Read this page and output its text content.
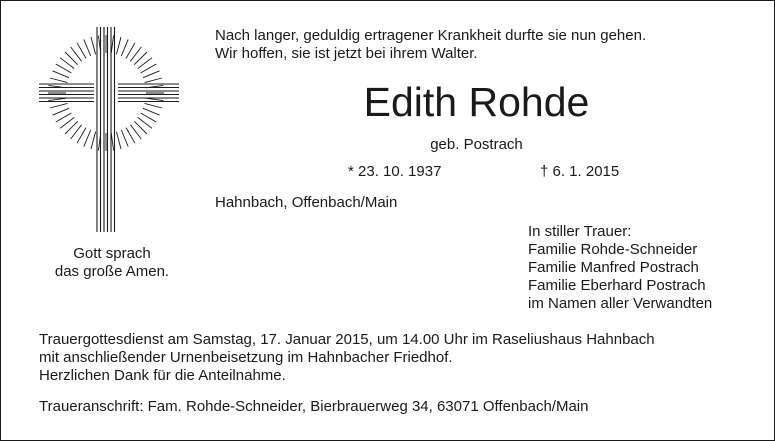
Gott sprach
das große Amen.
Nach langer, geduldig ertragener Krankheit durfte sie nun gehen.
Wir hoffen, sie ist jetzt bei ihrem Walter.
Edith Rohde
geb. Postrach
* 23. 10. 1937	† 6. 1. 2015
Hahnbach, Offenbach/Main
In stiller Trauer:
Familie Rohde-Schneider
Familie Manfred Postrach
Familie Eberhard Postrach
im Namen aller Verwandten
Trauergottesdienst am Samstag, 17. Januar 2015, um 14.00 Uhr im Raseliushaus Hahnbach
mit anschließender Urnenbeisetzung im Hahnbacher Friedhof.
Herzlichen Dank für die Anteilnahme.
Traueranschrift: Fam. Rohde-Schneider, Bierbrauerweg 34, 63071 Offenbach/Main
